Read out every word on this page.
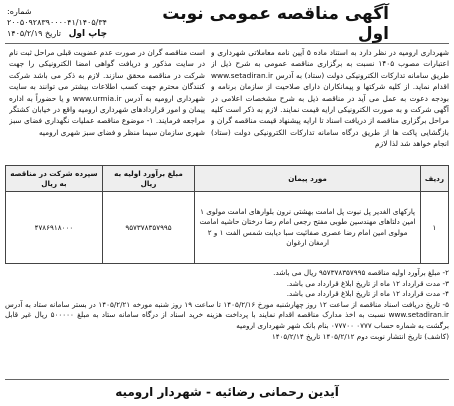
آگهی مناقصه عمومی نوبت اول
شماره: ۲۰۰۵۰۹۲۸۳۹۰۰۰۰۴۱/۱۴۰۵/۳۴
چاپ اول   تاریخ ۱۴۰۵/۲/۱۹
شهرداری ارومیه در نظر دارد به استناد ماده ۵ آیین نامه معاملاتی شهرداری و اعتبارات مصوب ۱۴۰۵ نسبت به برگزاری مناقصه عمومی به شرح ذیل از طریق سامانه تدارکات الکترونیکی دولت (ستاد) به آدرس www.setadiran.ir اقدام نماید. از کلیه شرکتها و پیمانکاران دارای صلاحیت از سازمان برنامه و بودجه دعوت به عمل می آید در مناقصه ذیل به شرح مشخصات اعلامی در آگهی شرکت و به صورت الکترونیکی ارایه قیمت نمایند. لازم به ذکر است کلیه مراحل برگزاری مناقصه از دریافت اسناد تا ارایه پیشنهاد قیمت مناقصه گران و بازگشایی پاکت ها از طریق درگاه سامانه تدارکات الکترونیکی دولت (ستاد) انجام خواهد شد لذا لازم
است مناقصه گران در صورت عدم عضویت قبلی مراحل ثبت نام در سایت مذکور و دریافت گواهی امضا الکترونیکی را جهت شرکت در مناقصه محقق سازند. لازم به ذکر می باشد شرکت کنندگان محترم جهت کسب اطلاعات بیشتر می توانند به سایت شهرداری ارومیه به آدرس www.urmia.ir و یا حضوراً به اداره پیمان و امور قراردادهای شهرداری ارومیه واقع در خیابان کشتگر مراجعه فرمایند. ۱- موضوع مناقصه عملیات نگهداری فضای سبز شهری سازمان سیما منظر و فضای سبز شهری ارومیه
ردیف	مورد پیمان	مبلغ برآورد اولیه به ریال	سپرده شرکت در مناقصه به ریال
۱	پارکهای الغدیر پل نبوت پل امامت بهشتی نرون بلوارهای امامت مولوی ۱ امین دلتاهای مهندسین طوبی مفتح رجعی امام رضا درختان حاشیه امامت مولوی امین امام رضا عصری صفائیت سبا دیابت شمس الفت ۱ و ۲ ارمغان ارغوان	۹۵۷۳۷۸۳۵۷۹۹۵	۴۷۸۶۹۱۸۰۰۰

۲- مبلغ برآورد اولیه مناقصه ۹۵۷۳۷۸۳۵۷۹۹۵ ریال می باشد.

۳- مدت قرارداد ۱۲ ماه از تاریخ ابلاغ قرارداد می باشد.

۴- مدت قرارداد ۱۲ ماه از تاریخ ابلاغ قرارداد می باشد.

۵- تاریخ دریافت اسناد مناقصه از ساعت ۱۲ روز چهارشنبه مورخ ۱۴۰۵/۲/۱۶ تا ساعت ۱۹ روز شنبه مورخه ۱۴۰۵/۲/۲۱ در بستر سامانه ستاد به آدرس www.setadiran.ir نسبت به اخذ مدارک مناقصه اقدام نمایند با پرداخت هزینه خرید اسناد از درگاه سامانه ستاد به مبلغ ۵۰۰۰۰۰ ریال غیر قابل برگشت به شماره حساب ۰۷۷۷ ۰۷۷۷۰۰ بنام بانک شهر شهرداری ارومیه

(کاشف) تاریخ انتشار نوبت دوم ۱۴۰۵/۲/۱۲ تاریخ ۱۴۰۵/۲/۱۴

آیدین رحمانی رضائیه - شهردار ارومیه
